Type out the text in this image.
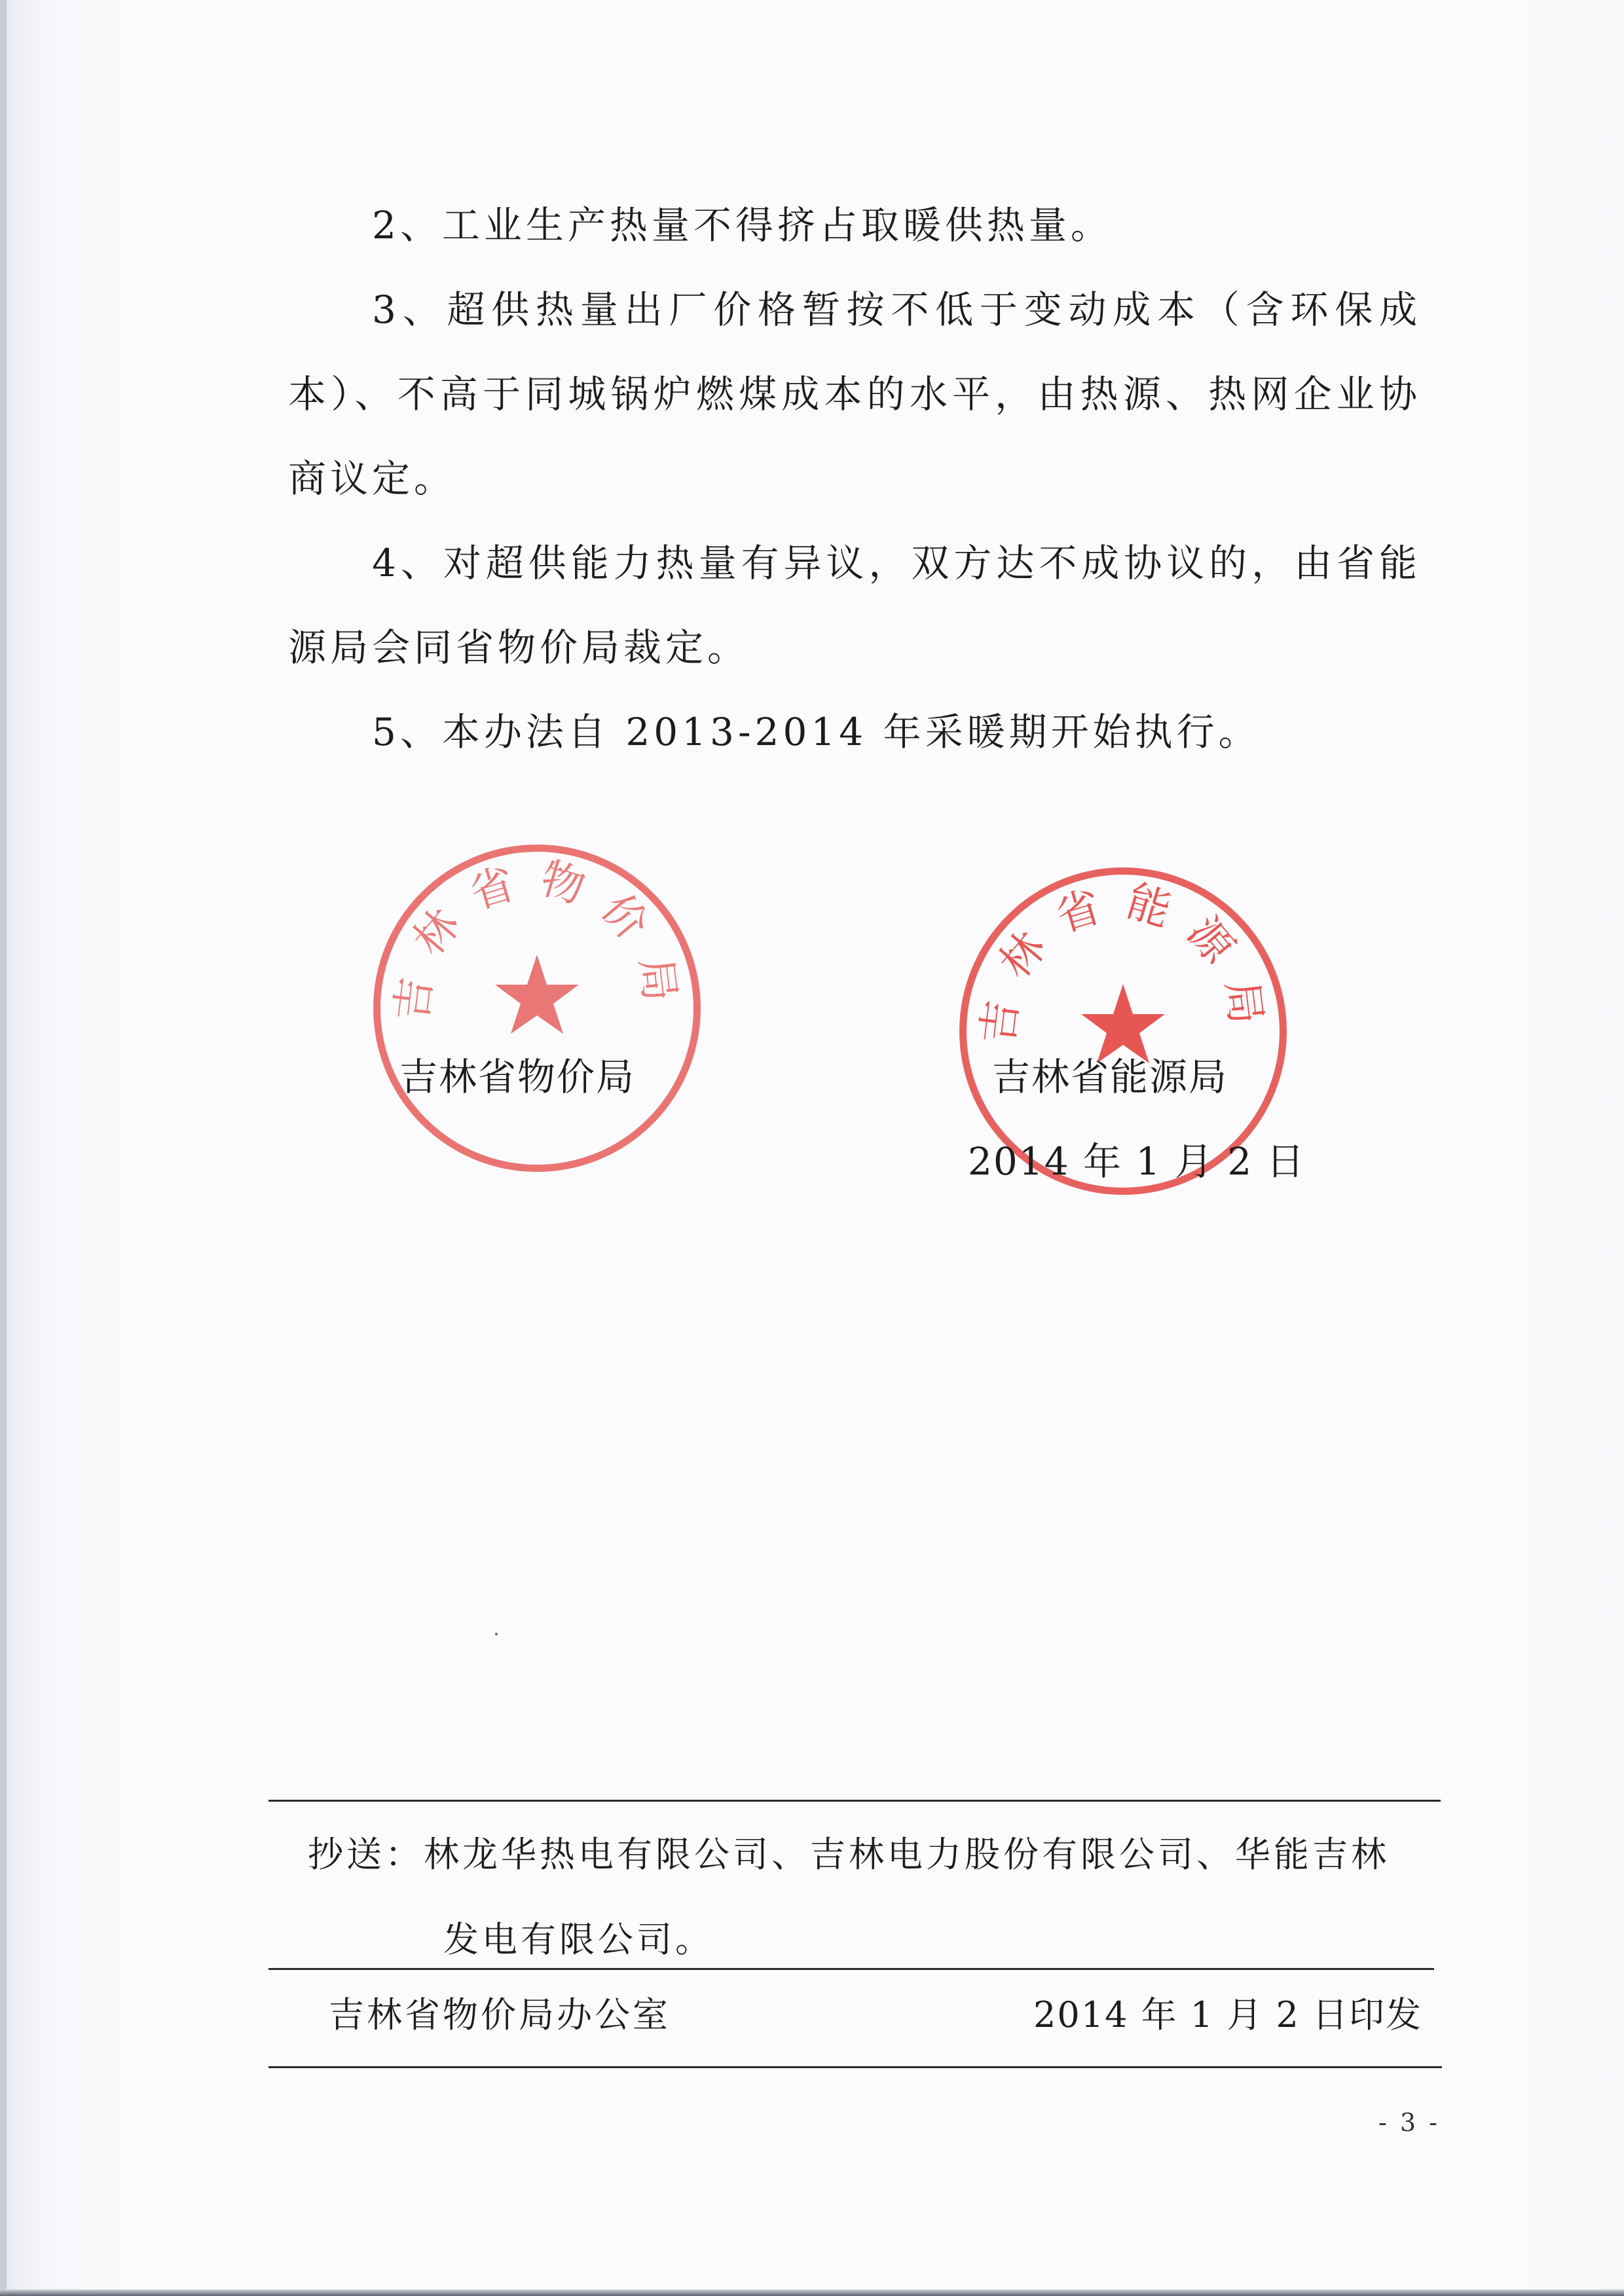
2、工业生产热量不得挤占取暖供热量。

3、超供热量出厂价格暂按不低于变动成本（含环保成本）、不高于同城锅炉燃煤成本的水平，由热源、热网企业协商议定。

4、对超供能力热量有异议，双方达不成协议的，由省能源局会同省物价局裁定。

5、本办法自 2013-2014 年采暖期开始执行。

吉林省物价局	吉林省能源局
吉林省物价局	吉林省能源局
2014 年 1 月 2 日
抄送：林龙华热电有限公司、吉林电力股份有限公司、华能吉林
发电有限公司。
吉林省物价局办公室	2014 年 1 月 2 日印发
- 3 -
